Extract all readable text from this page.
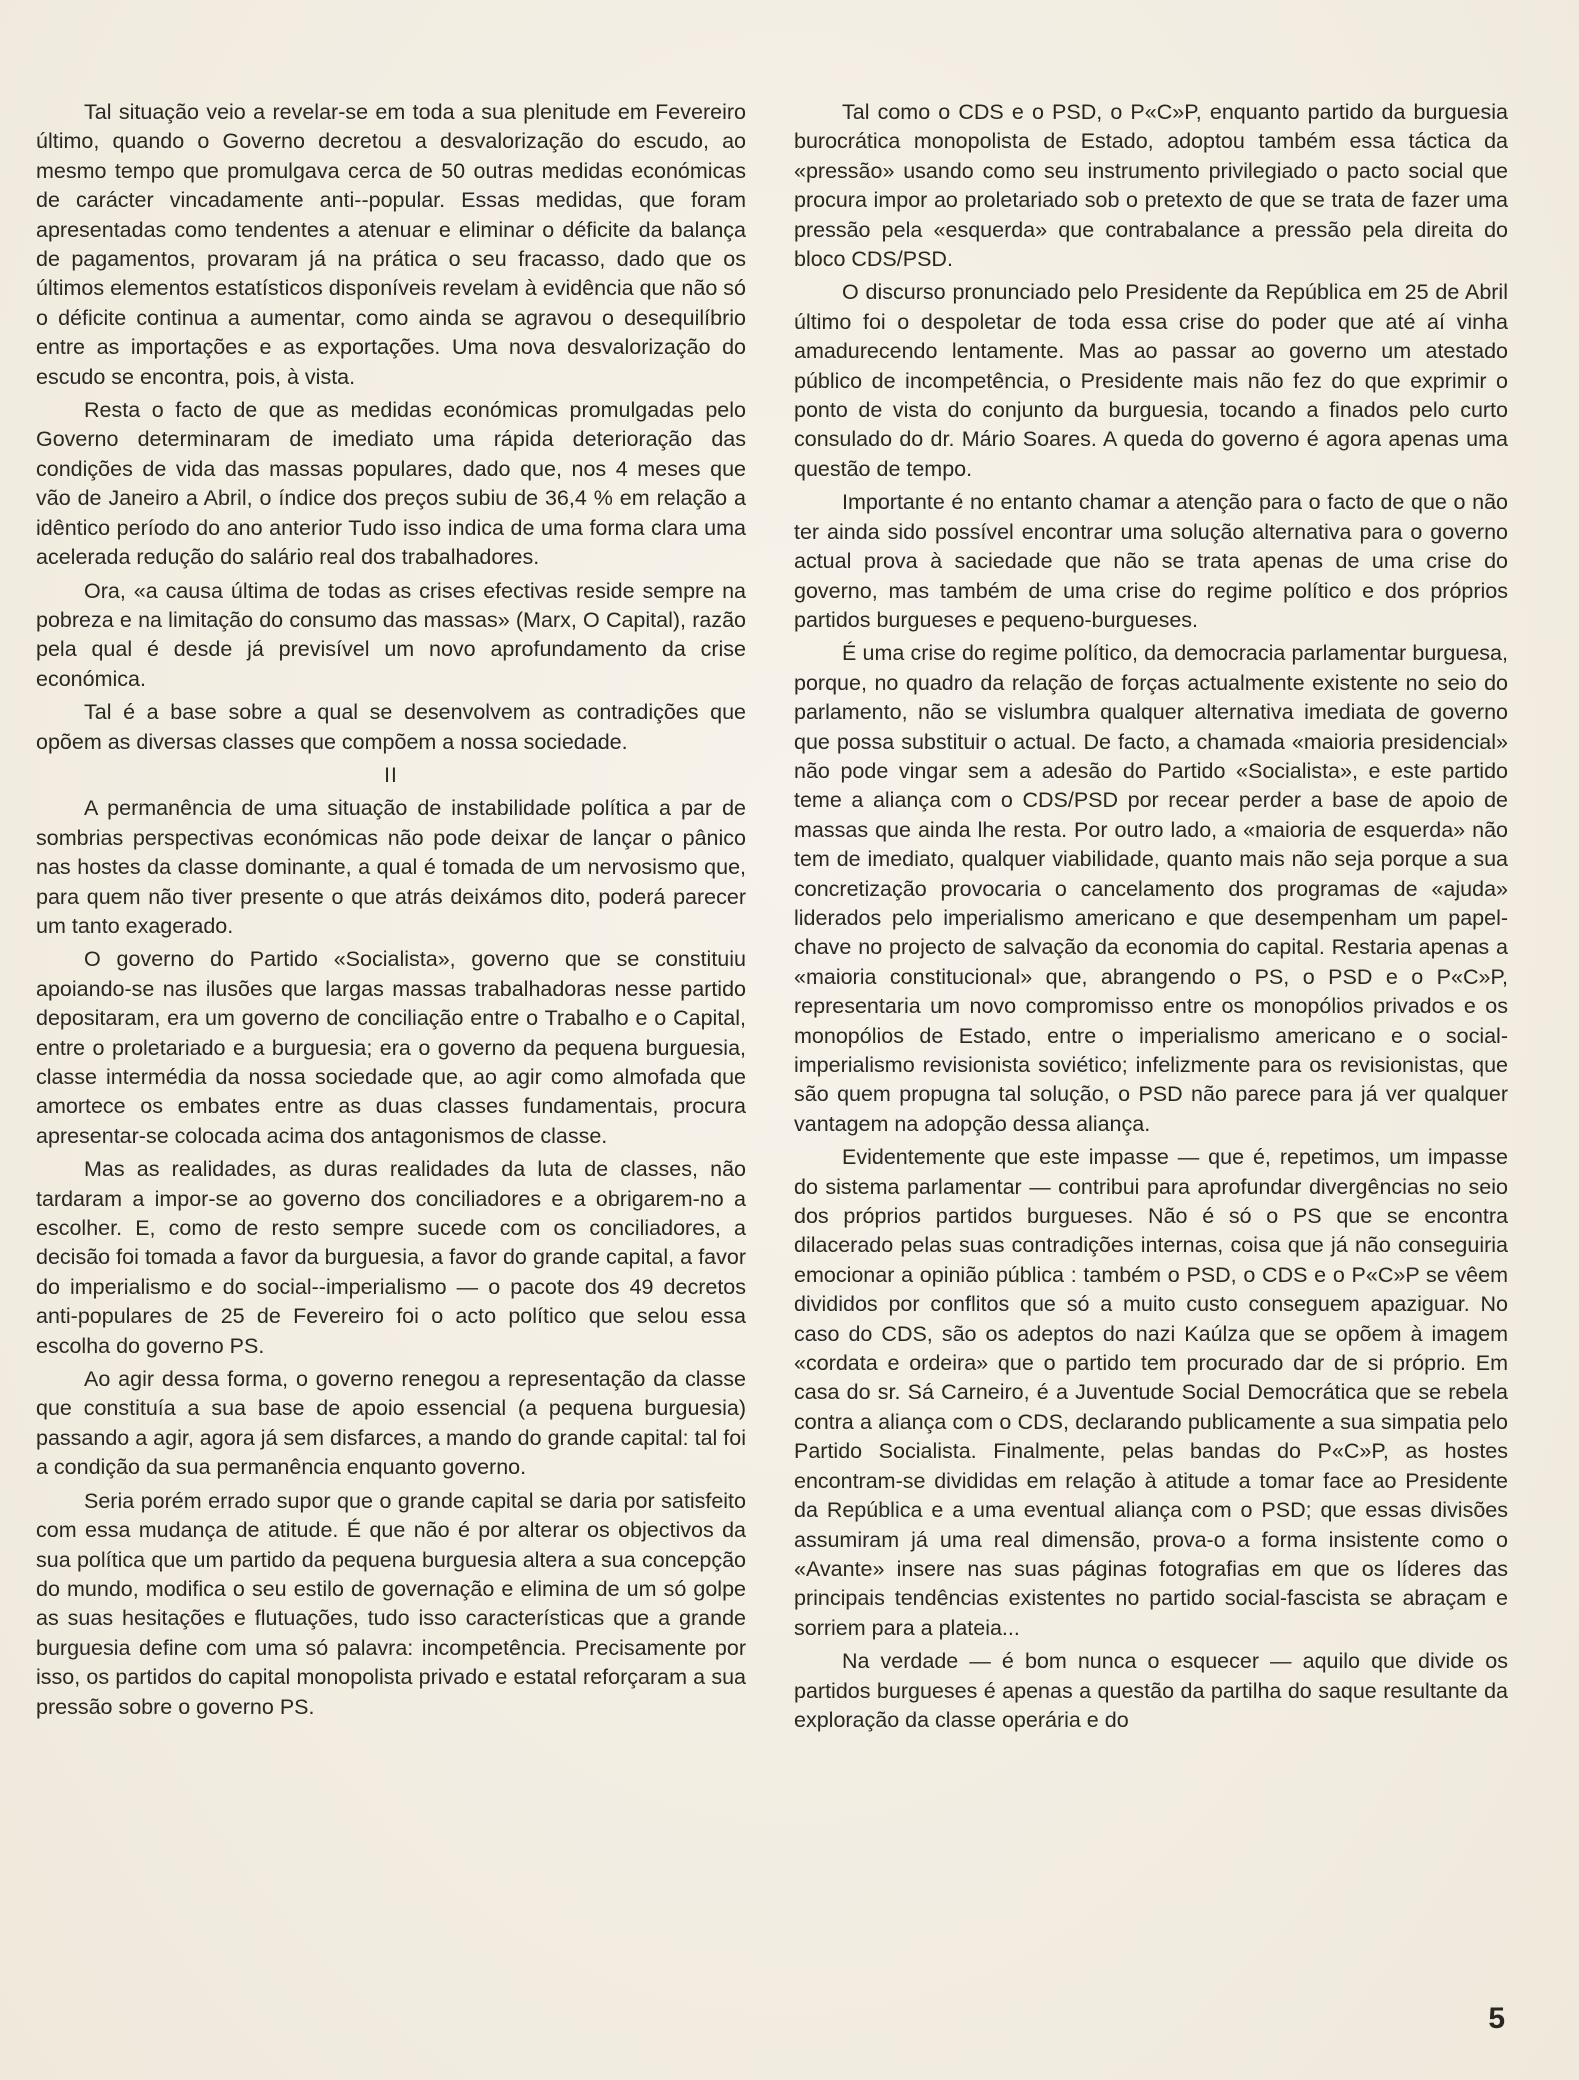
Tal situação veio a revelar-se em toda a sua plenitude em Fevereiro último, quando o Governo decretou a desvalorização do escudo, ao mesmo tempo que promulgava cerca de 50 outras medidas económicas de carácter vincadamente anti--popular. Essas medidas, que foram apresentadas como tendentes a atenuar e eliminar o déficite da balança de pagamentos, provaram já na prática o seu fracasso, dado que os últimos elementos estatísticos disponíveis revelam à evidência que não só o déficite continua a aumentar, como ainda se agravou o desequilíbrio entre as importações e as exportações. Uma nova desvalorização do escudo se encontra, pois, à vista.

Resta o facto de que as medidas económicas promulgadas pelo Governo determinaram de imediato uma rápida deterioração das condições de vida das massas populares, dado que, nos 4 meses que vão de Janeiro a Abril, o índice dos preços subiu de 36,4 % em relação a idêntico período do ano anterior Tudo isso indica de uma forma clara uma acelerada redução do salário real dos trabalhadores.

Ora, «a causa última de todas as crises efectivas reside sempre na pobreza e na limitação do consumo das massas» (Marx, O Capital), razão pela qual é desde já previsível um novo aprofundamento da crise económica.

Tal é a base sobre a qual se desenvolvem as contradições que opõem as diversas classes que compõem a nossa sociedade.

II

A permanência de uma situação de instabilidade política a par de sombrias perspectivas económicas não pode deixar de lançar o pânico nas hostes da classe dominante, a qual é tomada de um nervosismo que, para quem não tiver presente o que atrás deixámos dito, poderá parecer um tanto exagerado.

O governo do Partido «Socialista», governo que se constituiu apoiando-se nas ilusões que largas massas trabalhadoras nesse partido depositaram, era um governo de conciliação entre o Trabalho e o Capital, entre o proletariado e a burguesia; era o governo da pequena burguesia, classe intermédia da nossa sociedade que, ao agir como almofada que amortece os embates entre as duas classes fundamentais, procura apresentar-se colocada acima dos antagonismos de classe.

Mas as realidades, as duras realidades da luta de classes, não tardaram a impor-se ao governo dos conciliadores e a obrigarem-no a escolher. E, como de resto sempre sucede com os conciliadores, a decisão foi tomada a favor da burguesia, a favor do grande capital, a favor do imperialismo e do social--imperialismo — o pacote dos 49 decretos anti-populares de 25 de Fevereiro foi o acto político que selou essa escolha do governo PS.

Ao agir dessa forma, o governo renegou a representação da classe que constituía a sua base de apoio essencial (a pequena burguesia) passando a agir, agora já sem disfarces, a mando do grande capital: tal foi a condição da sua permanência enquanto governo.

Seria porém errado supor que o grande capital se daria por satisfeito com essa mudança de atitude. É que não é por alterar os objectivos da sua política que um partido da pequena burguesia altera a sua concepção do mundo, modifica o seu estilo de governação e elimina de um só golpe as suas hesitações e flutuações, tudo isso características que a grande burguesia define com uma só palavra: incompetência. Precisamente por isso, os partidos do capital monopolista privado e estatal reforçaram a sua pressão sobre o governo PS.

Tal como o CDS e o PSD, o P«C»P, enquanto partido da burguesia burocrática monopolista de Estado, adoptou também essa táctica da «pressão» usando como seu instrumento privilegiado o pacto social que procura impor ao proletariado sob o pretexto de que se trata de fazer uma pressão pela «esquerda» que contrabalance a pressão pela direita do bloco CDS/PSD.

O discurso pronunciado pelo Presidente da República em 25 de Abril último foi o despoletar de toda essa crise do poder que até aí vinha amadurecendo lentamente. Mas ao passar ao governo um atestado público de incompetência, o Presidente mais não fez do que exprimir o ponto de vista do conjunto da burguesia, tocando a finados pelo curto consulado do dr. Mário Soares. A queda do governo é agora apenas uma questão de tempo.

Importante é no entanto chamar a atenção para o facto de que o não ter ainda sido possível encontrar uma solução alternativa para o governo actual prova à saciedade que não se trata apenas de uma crise do governo, mas também de uma crise do regime político e dos próprios partidos burgueses e pequeno-burgueses.

É uma crise do regime político, da democracia parlamentar burguesa, porque, no quadro da relação de forças actualmente existente no seio do parlamento, não se vislumbra qualquer alternativa imediata de governo que possa substituir o actual. De facto, a chamada «maioria presidencial» não pode vingar sem a adesão do Partido «Socialista», e este partido teme a aliança com o CDS/PSD por recear perder a base de apoio de massas que ainda lhe resta. Por outro lado, a «maioria de esquerda» não tem de imediato, qualquer viabilidade, quanto mais não seja porque a sua concretização provocaria o cancelamento dos programas de «ajuda» liderados pelo imperialismo americano e que desempenham um papel-chave no projecto de salvação da economia do capital. Restaria apenas a «maioria constitucional» que, abrangendo o PS, o PSD e o P«C»P, representaria um novo compromisso entre os monopólios privados e os monopólios de Estado, entre o imperialismo americano e o social-imperialismo revisionista soviético; infelizmente para os revisionistas, que são quem propugna tal solução, o PSD não parece para já ver qualquer vantagem na adopção dessa aliança.

Evidentemente que este impasse — que é, repetimos, um impasse do sistema parlamentar — contribui para aprofundar divergências no seio dos próprios partidos burgueses. Não é só o PS que se encontra dilacerado pelas suas contradições internas, coisa que já não conseguiria emocionar a opinião pública : também o PSD, o CDS e o P«C»P se vêem divididos por conflitos que só a muito custo conseguem apaziguar. No caso do CDS, são os adeptos do nazi Kaúlza que se opõem à imagem «cordata e ordeira» que o partido tem procurado dar de si próprio. Em casa do sr. Sá Carneiro, é a Juventude Social Democrática que se rebela contra a aliança com o CDS, declarando publicamente a sua simpatia pelo Partido Socialista. Finalmente, pelas bandas do P«C»P, as hostes encontram-se divididas em relação à atitude a tomar face ao Presidente da República e a uma eventual aliança com o PSD; que essas divisões assumiram já uma real dimensão, prova-o a forma insistente como o «Avante» insere nas suas páginas fotografias em que os líderes das principais tendências existentes no partido social-fascista se abraçam e sorriem para a plateia...

Na verdade — é bom nunca o esquecer — aquilo que divide os partidos burgueses é apenas a questão da partilha do saque resultante da exploração da classe operária e do

5
